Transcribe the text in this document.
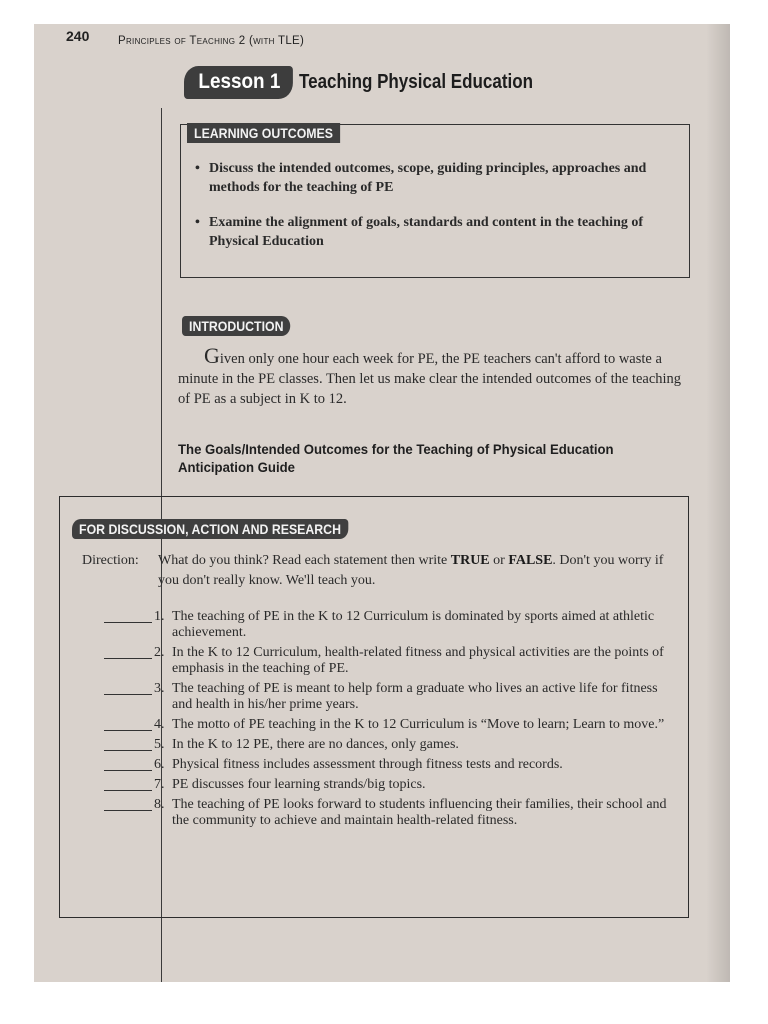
240 Principles of Teaching 2 (with TLE)
Lesson 1 Teaching Physical Education
LEARNING OUTCOMES
• Discuss the intended outcomes, scope, guiding principles, approaches and methods for the teaching of PE
• Examine the alignment of goals, standards and content in the teaching of Physical Education
INTRODUCTION
Given only one hour each week for PE, the PE teachers can't afford to waste a minute in the PE classes. Then let us make clear the intended outcomes of the teaching of PE as a subject in K to 12.
The Goals/Intended Outcomes for the Teaching of Physical Education
Anticipation Guide
FOR DISCUSSION, ACTION AND RESEARCH
Direction: What do you think? Read each statement then write TRUE or FALSE. Don't you worry if you don't really know. We'll teach you.
1. The teaching of PE in the K to 12 Curriculum is dominated by sports aimed at athletic achievement.
2. In the K to 12 Curriculum, health-related fitness and physical activities are the points of emphasis in the teaching of PE.
3. The teaching of PE is meant to help form a graduate who lives an active life for fitness and health in his/her prime years.
4. The motto of PE teaching in the K to 12 Curriculum is “Move to learn; Learn to move.”
5. In the K to 12 PE, there are no dances, only games.
6. Physical fitness includes assessment through fitness tests and records.
7. PE discusses four learning strands/big topics.
8. The teaching of PE looks forward to students influencing their families, their school and the community to achieve and maintain health-related fitness.
